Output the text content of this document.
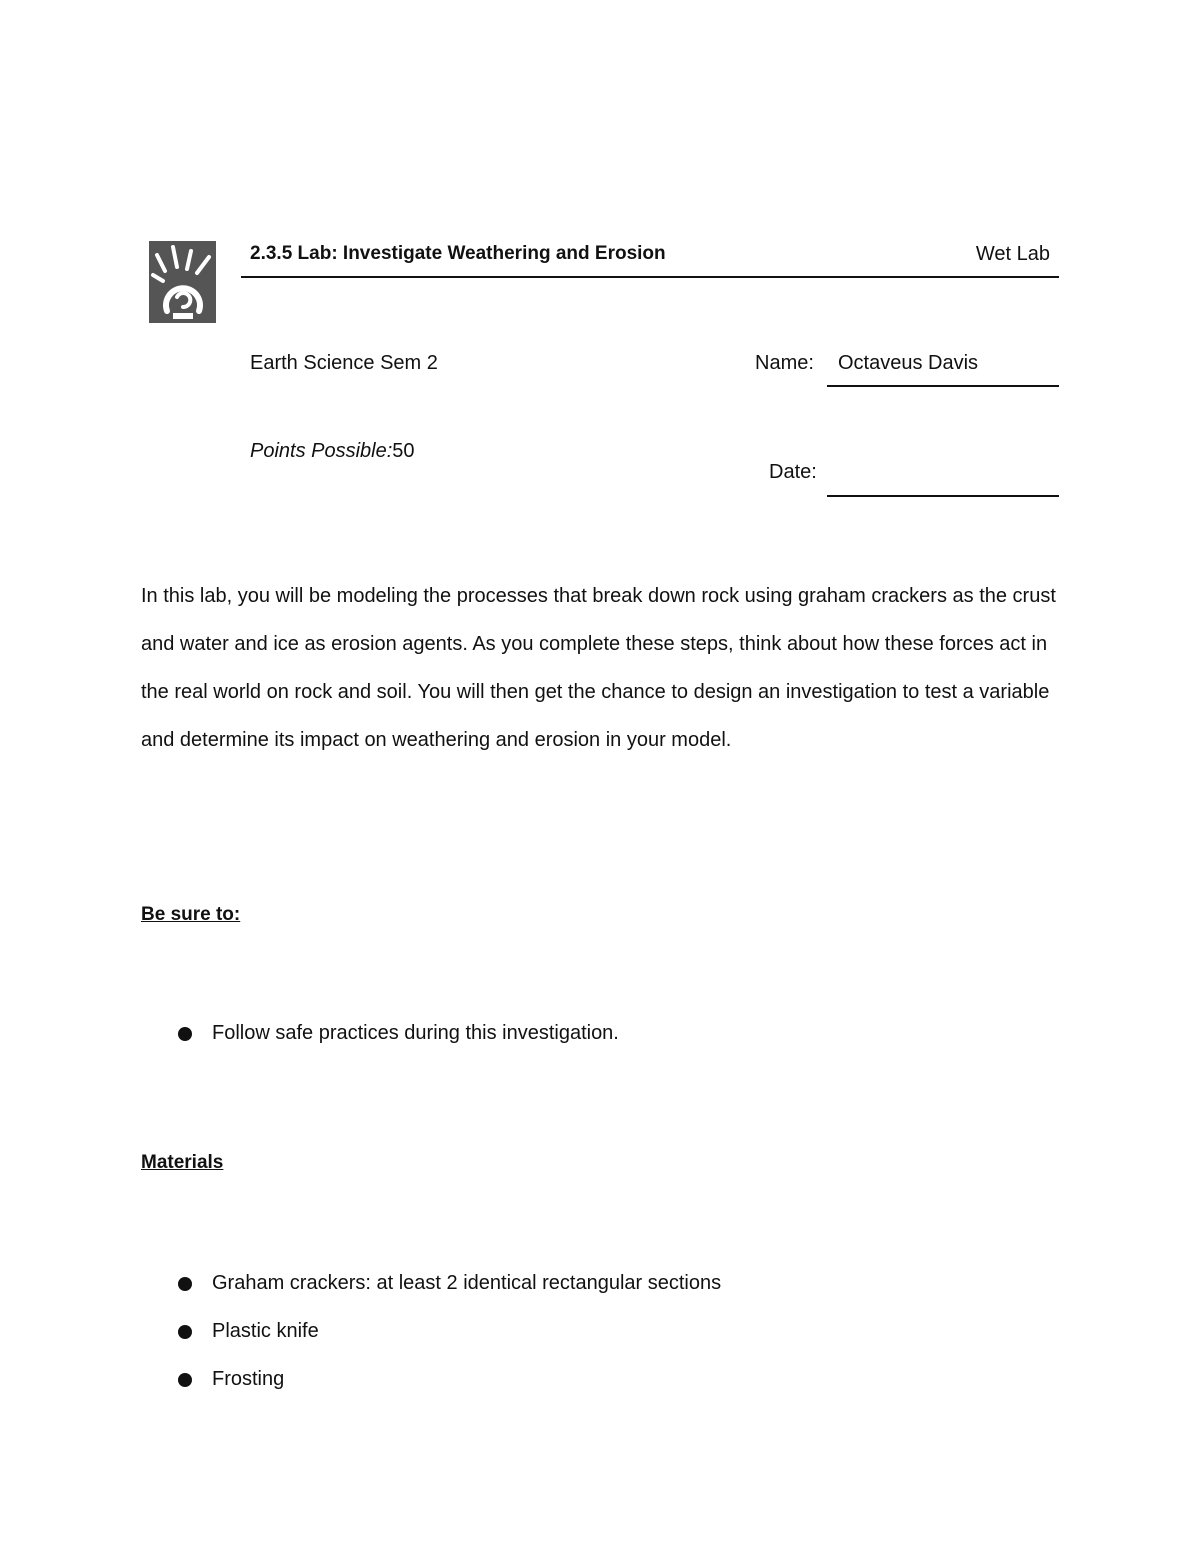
2.3.5 Lab: Investigate Weathering and Erosion	Wet Lab
Earth Science Sem 2	Name: Octaveus Davis
Points Possible:50
Date:

In this lab, you will be modeling the processes that break down rock using graham crackers as the crust and water and ice as erosion agents. As you complete these steps, think about how these forces act in the real world on rock and soil. You will then get the chance to design an investigation to test a variable and determine its impact on weathering and erosion in your model.

Be sure to:
Follow safe practices during this investigation.
Materials
Graham crackers: at least 2 identical rectangular sections
Plastic knife
Frosting
